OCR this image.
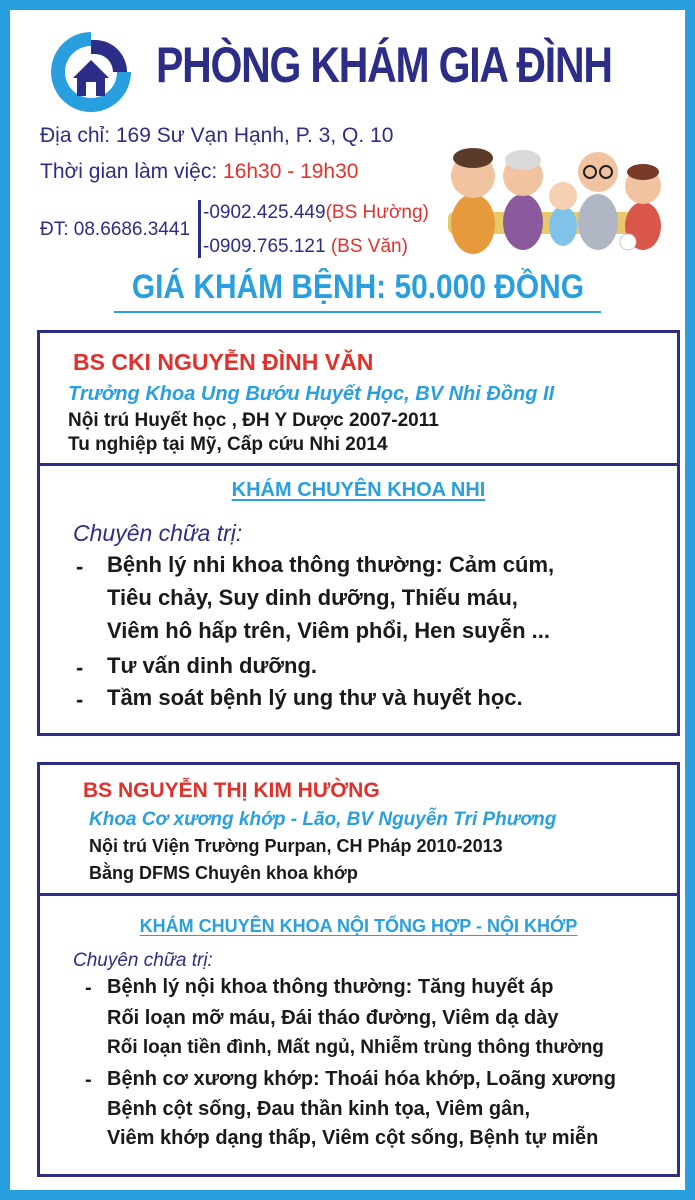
PHÒNG KHÁM GIA ĐÌNH
Địa chỉ: 169 Sư Vạn Hạnh, P. 3, Q. 10
Thời gian làm việc: 16h30 - 19h30
ĐT: 08.6686.3441
-0902.425.449(BS Hường)
-0909.765.121 (BS Văn)
GIÁ KHÁM BỆNH: 50.000 ĐỒNG
BS CKI NGUYỄN ĐÌNH VĂN
Trưởng Khoa Ung Bướu Huyết Học, BV Nhi Đồng II
Nội trú Huyết học , ĐH Y Dược 2007-2011
Tu nghiệp tại Mỹ, Cấp cứu Nhi 2014
KHÁM CHUYÊN KHOA NHI
Chuyên chữa trị:
- Bệnh lý nhi khoa thông thường: Cảm cúm,
Tiêu chảy, Suy dinh dưỡng, Thiếu máu,
Viêm hô hấp trên, Viêm phổi, Hen suyễn ...
- Tư vấn dinh dưỡng.
- Tầm soát bệnh lý ung thư và huyết học.
BS NGUYỄN THỊ KIM HƯỜNG
Khoa Cơ xương khớp - Lão, BV Nguyễn Tri Phương
Nội trú Viện Trường Purpan, CH Pháp 2010-2013
Bằng DFMS Chuyên khoa khớp
KHÁM CHUYÊN KHOA NỘI TỔNG HỢP - NỘI KHỚP
Chuyên chữa trị:
- Bệnh lý nội khoa thông thường: Tăng huyết áp
Rối loạn mỡ máu, Đái tháo đường, Viêm dạ dày
Rối loạn tiền đình, Mất ngủ, Nhiễm trùng thông thường
- Bệnh cơ xương khớp: Thoái hóa khớp, Loãng xương
Bệnh cột sống, Đau thần kinh tọa, Viêm gân,
Viêm khớp dạng thấp, Viêm cột sống, Bệnh tự miễn
